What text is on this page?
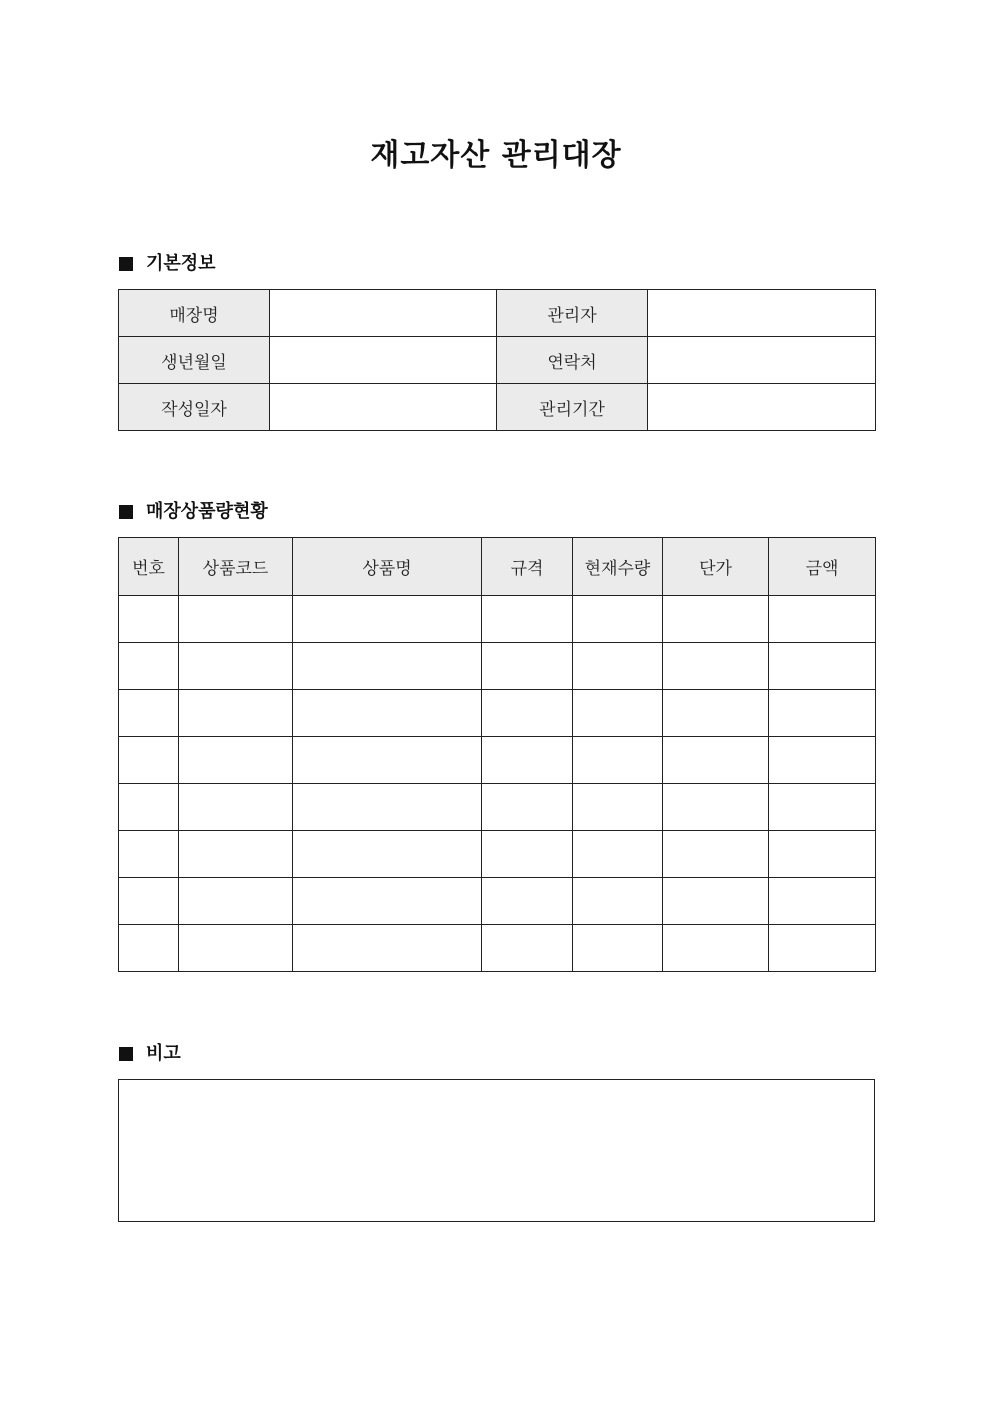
재고자산 관리대장
기본정보
매장명		관리자	
생년월일		연락처	
작성일자		관리기간	
매장상품량현황
번호	상품코드	상품명	규격	현재수량	단가	금액

비고
